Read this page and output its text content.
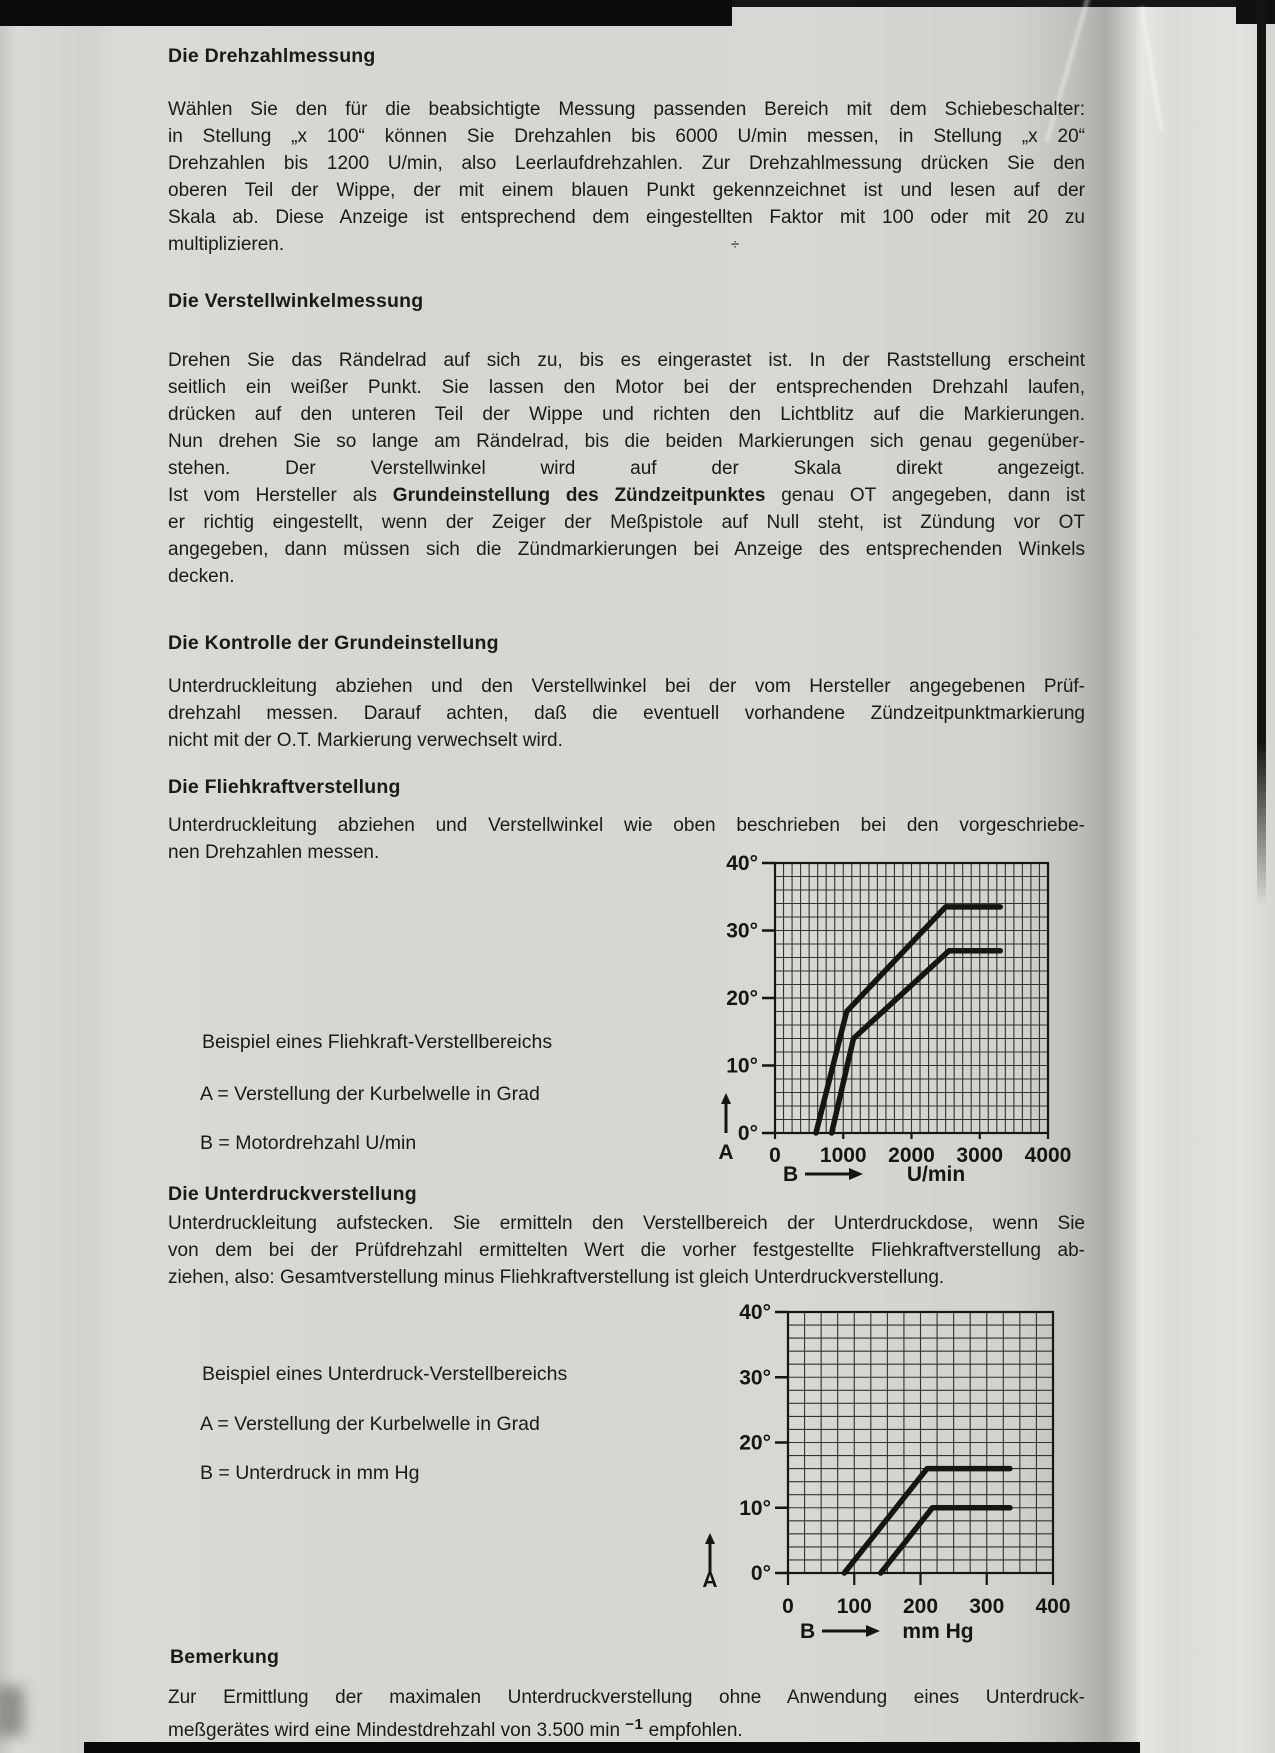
÷
Die Drehzahlmessung
Wählen Sie den für die beabsichtigte Messung passenden Bereich mit dem Schiebeschalter:
in Stellung „x 100“ können Sie Drehzahlen bis 6000 U/min messen, in Stellung „x 20“
Drehzahlen bis 1200 U/min, also Leerlaufdrehzahlen. Zur Drehzahlmessung drücken Sie den
oberen Teil der Wippe, der mit einem blauen Punkt gekennzeichnet ist und lesen auf der
Skala ab. Diese Anzeige ist entsprechend dem eingestellten Faktor mit 100 oder mit 20 zu
multiplizieren.
Die Verstellwinkelmessung
Drehen Sie das Rändelrad auf sich zu, bis es eingerastet ist. In der Raststellung erscheint
seitlich ein weißer Punkt. Sie lassen den Motor bei der entsprechenden Drehzahl laufen,
drücken auf den unteren Teil der Wippe und richten den Lichtblitz auf die Markierungen.
Nun drehen Sie so lange am Rändelrad, bis die beiden Markierungen sich genau gegenüber-
stehen. Der Verstellwinkel wird auf der Skala direkt angezeigt.
Ist vom Hersteller als Grundeinstellung des Zündzeitpunktes genau OT angegeben, dann ist
er richtig eingestellt, wenn der Zeiger der Meßpistole auf Null steht, ist Zündung vor OT
angegeben, dann müssen sich die Zündmarkierungen bei Anzeige des entsprechenden Winkels
decken.
Die Kontrolle der Grundeinstellung
Unterdruckleitung abziehen und den Verstellwinkel bei der vom Hersteller angegebenen Prüf-
drehzahl messen. Darauf achten, daß die eventuell vorhandene Zündzeitpunktmarkierung
nicht mit der O.T. Markierung verwechselt wird.
Die Fliehkraftverstellung
Unterdruckleitung abziehen und Verstellwinkel wie oben beschrieben bei den vorgeschriebe-
nen Drehzahlen messen.
Beispiel eines Fliehkraft-Verstellbereichs
A = Verstellung der Kurbelwelle in Grad
B = Motordrehzahl U/min
40°
30°
20°
10°
0°
0 1000 2000 3000 4000
A
B	U/min
Die Unterdruckverstellung
Unterdruckleitung aufstecken. Sie ermitteln den Verstellbereich der Unterdruckdose, wenn Sie
von dem bei der Prüfdrehzahl ermittelten Wert die vorher festgestellte Fliehkraftverstellung ab-
ziehen, also: Gesamtverstellung minus Fliehkraftverstellung ist gleich Unterdruckverstellung.
Beispiel eines Unterdruck-Verstellbereichs
A = Verstellung der Kurbelwelle in Grad
B = Unterdruck in mm Hg
40°
30°
20°
10°
0°
0 100 200 300 400
A
B	mm Hg
Bemerkung
Zur Ermittlung der maximalen Unterdruckverstellung ohne Anwendung eines Unterdruck-
meßgerätes wird eine Mindestdrehzahl von 3.500 min $^{-1}$ empfohlen.
